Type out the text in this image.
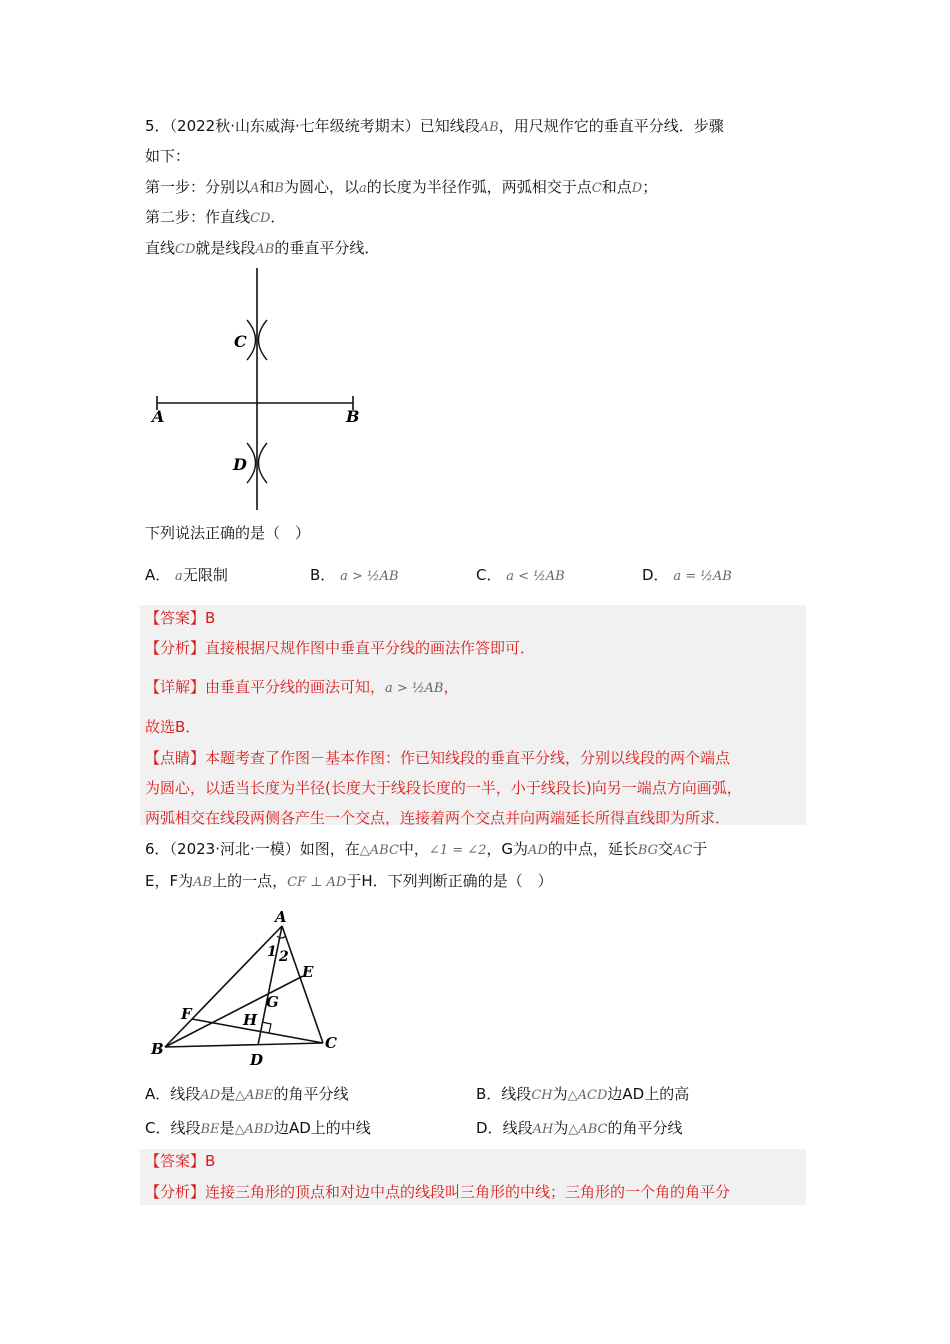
5．（2022秋·山东威海·七年级统考期末）已知线段AB，用尺规作它的垂直平分线．步骤
如下：
第一步：分别以A和B为圆心，以a的长度为半径作弧，两弧相交于点C和点D；
第二步：作直线CD．
直线CD就是线段AB的垂直平分线．
C
D
A	B
下列说法正确的是（　）
A． a无限制	B． a > ½AB	C． a < ½AB	D． a = ½AB
【答案】B
【分析】直接根据尺规作图中垂直平分线的画法作答即可．
【详解】由垂直平分线的画法可知，a > ½AB，
故选B．
【点睛】本题考查了作图－基本作图：作已知线段的垂直平分线，分别以线段的两个端点
为圆心，以适当长度为半径(长度大于线段长度的一半，小于线段长)向另一端点方向画弧，
两弧相交在线段两侧各产生一个交点，连接着两个交点并向两端延长所得直线即为所求．
6．（2023·河北·一模）如图，在△ABC中，∠1 = ∠2，G为AD的中点，延长BG交AC于
E，F为AB上的一点，CF ⊥ AD于H．下列判断正确的是（　）
A
B	C
D
E
F
G
H
1 2
A．线段AD是△ABE的角平分线	B．线段CH为△ACD边AD上的高
C．线段BE是△ABD边AD上的中线	D．线段AH为△ABC的角平分线
【答案】B
【分析】连接三角形的顶点和对边中点的线段叫三角形的中线；三角形的一个角的角平分
